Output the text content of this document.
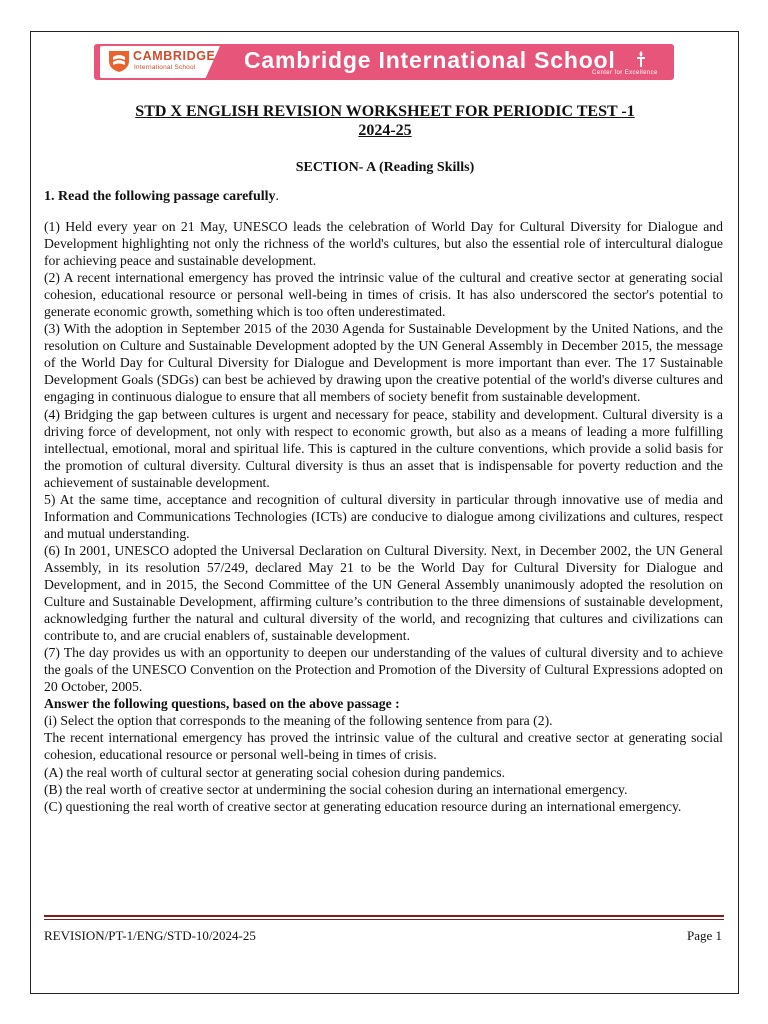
CAMBRIDGE
International School Cambridge International School
Center for Excellence
STD X ENGLISH REVISION WORKSHEET FOR PERIODIC TEST -1
2024-25
SECTION- A (Reading Skills)
1. Read the following passage carefully.

(1) Held every year on 21 May, UNESCO leads the celebration of World Day for Cultural Diversity for Dialogue and Development highlighting not only the richness of the world's cultures, but also the essential role of intercultural dialogue for achieving peace and sustainable development.

(2) A recent international emergency has proved the intrinsic value of the cultural and creative sector at generating social cohesion, educational resource or personal well-being in times of crisis. It has also underscored the sector's potential to generate economic growth, something which is too often underestimated.

(3) With the adoption in September 2015 of the 2030 Agenda for Sustainable Development by the United Nations, and the resolution on Culture and Sustainable Development adopted by the UN General Assembly in December 2015, the message of the World Day for Cultural Diversity for Dialogue and Development is more important than ever. The 17 Sustainable Development Goals (SDGs) can best be achieved by drawing upon the creative potential of the world's diverse cultures and engaging in continuous dialogue to ensure that all members of society benefit from sustainable development.

(4) Bridging the gap between cultures is urgent and necessary for peace, stability and development. Cultural diversity is a driving force of development, not only with respect to economic growth, but also as a means of leading a more fulfilling intellectual, emotional, moral and spiritual life. This is captured in the culture conventions, which provide a solid basis for the promotion of cultural diversity. Cultural diversity is thus an asset that is indispensable for poverty reduction and the achievement of sustainable development.

5) At the same time, acceptance and recognition of cultural diversity in particular through innovative use of media and Information and Communications Technologies (ICTs) are conducive to dialogue among civilizations and cultures, respect and mutual understanding.

(6) In 2001, UNESCO adopted the Universal Declaration on Cultural Diversity. Next, in December 2002, the UN General Assembly, in its resolution 57/249, declared May 21 to be the World Day for Cultural Diversity for Dialogue and Development, and in 2015, the Second Committee of the UN General Assembly unanimously adopted the resolution on Culture and Sustainable Development, affirming culture’s contribution to the three dimensions of sustainable development, acknowledging further the natural and cultural diversity of the world, and recognizing that cultures and civilizations can contribute to, and are crucial enablers of, sustainable development.

(7) The day provides us with an opportunity to deepen our understanding of the values of cultural diversity and to achieve the goals of the UNESCO Convention on the Protection and Promotion of the Diversity of Cultural Expressions adopted on 20 October, 2005.

Answer the following questions, based on the above passage :

(i) Select the option that corresponds to the meaning of the following sentence from para (2).

The recent international emergency has proved the intrinsic value of the cultural and creative sector at generating social cohesion, educational resource or personal well-being in times of crisis.

(A) the real worth of cultural sector at generating social cohesion during pandemics.

(B) the real worth of creative sector at undermining the social cohesion during an international emergency.

(C) questioning the real worth of creative sector at generating education resource during an international emergency.

REVISION/PT-1/ENG/STD-10/2024-25	Page 1
